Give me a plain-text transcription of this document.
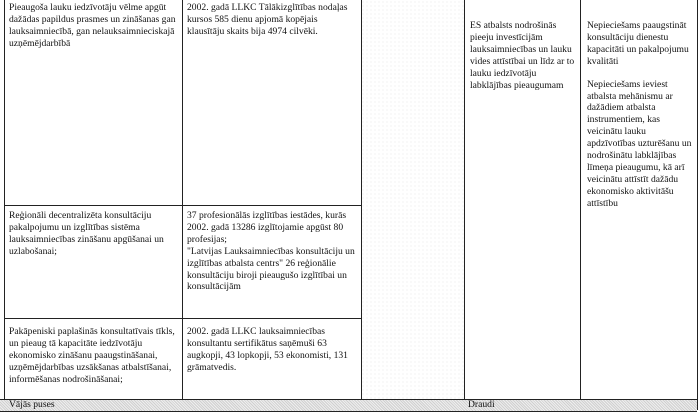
Pieaugoša lauku iedzīvotāju vēlme apgūt dažādas papildus prasmes un zināšanas gan lauksaimniecībā, gan nelauksaimnieciskajā uzņēmējdarbībā

2002. gadā LLKC Tālākizglītības nodaļas kursos 585 dienu apjomā kopējais klausītāju skaits bija 4974 cilvēki.

ES atbalsts nodrošinās pieeju investīcijām lauksaimniecības un lauku vides attīstībai un līdz ar to lauku iedzīvotāju labklājības pieaugumam

Nepieciešams paaugstināt konsultāciju dienestu kapacitāti un pakalpojumu kvalitāti

Nepieciešams ieviest atbalsta mehānismu ar dažādiem atbalsta instrumentiem, kas veicinātu lauku apdzīvotības uzturēšanu un nodrošinātu labklājības līmeņa pieaugumu, kā arī veicinātu attīstīt dažādu ekonomisko aktivitāšu attīstību

Reģionāli decentralizēta konsultāciju pakalpojumu un izglītības sistēma lauksaimniecības zināšanu apgūšanai un uzlabošanai;

37 profesionālās izglītības iestādes, kurās 2002. gadā 13286 izglītojamie apgūst 80 profesijas;

"Latvijas Lauksaimniecības konsultāciju un izglītības atbalsta centrs" 26 reģionālie konsultāciju biroji pieaugušo izglītībai un konsultācijām

Pakāpeniski paplašinās konsultatīvais tīkls, un pieaug tā kapacitāte iedzīvotāju ekonomisko zināšanu paaugstināšanai, uzņēmējdarbības uzsākšanas atbalstīšanai, informēšanas nodrošināšanai;

2002. gadā LLKC lauksaimniecības konsultantu sertifikātus saņēmuši 63 augkopji, 43 lopkopji, 53 ekonomisti, 131 grāmatvedis.

Vājās puses	Draudi
